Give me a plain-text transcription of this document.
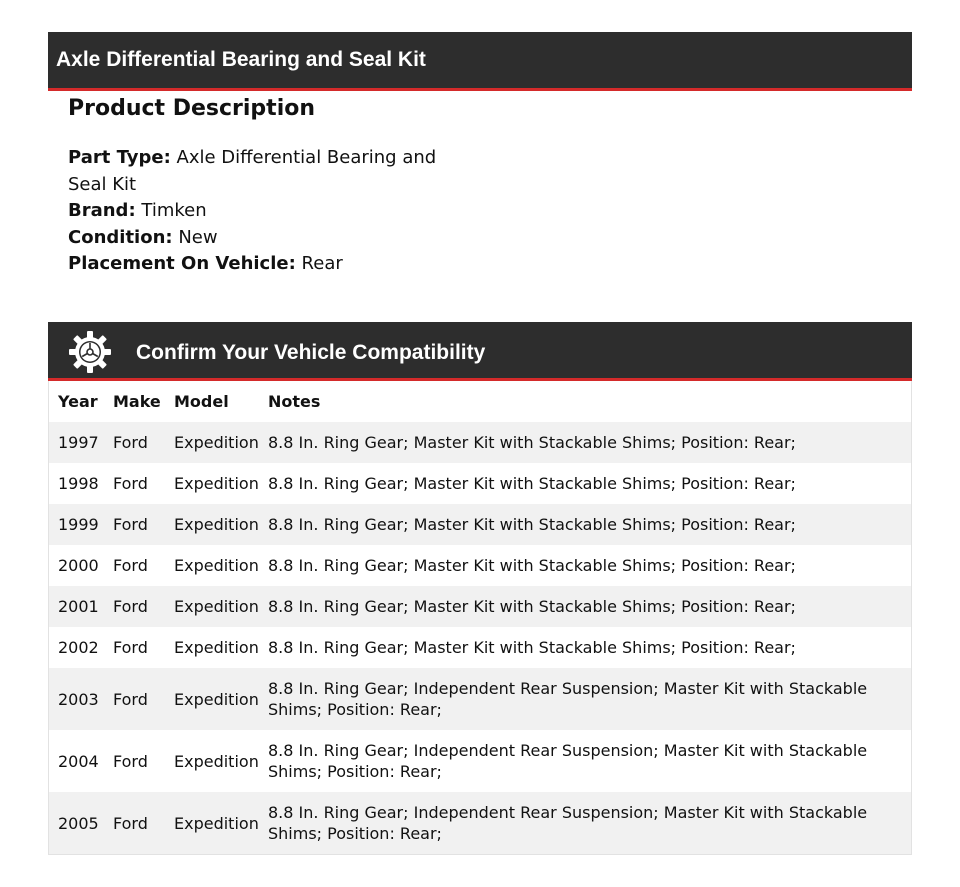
Axle Differential Bearing and Seal Kit
Product Description

Part Type: Axle Differential Bearing and Seal Kit
Brand: Timken
Condition: New
Placement On Vehicle: Rear

Confirm Your Vehicle Compatibility
Year	Make	Model	Notes
1997	Ford	Expedition	8.8 In. Ring Gear; Master Kit with Stackable Shims; Position: Rear;
1998	Ford	Expedition	8.8 In. Ring Gear; Master Kit with Stackable Shims; Position: Rear;
1999	Ford	Expedition	8.8 In. Ring Gear; Master Kit with Stackable Shims; Position: Rear;
2000	Ford	Expedition	8.8 In. Ring Gear; Master Kit with Stackable Shims; Position: Rear;
2001	Ford	Expedition	8.8 In. Ring Gear; Master Kit with Stackable Shims; Position: Rear;
2002	Ford	Expedition	8.8 In. Ring Gear; Master Kit with Stackable Shims; Position: Rear;
2003	Ford	Expedition	8.8 In. Ring Gear; Independent Rear Suspension; Master Kit with Stackable Shims; Position: Rear;
2004	Ford	Expedition	8.8 In. Ring Gear; Independent Rear Suspension; Master Kit with Stackable Shims; Position: Rear;
2005	Ford	Expedition	8.8 In. Ring Gear; Independent Rear Suspension; Master Kit with Stackable Shims; Position: Rear;
